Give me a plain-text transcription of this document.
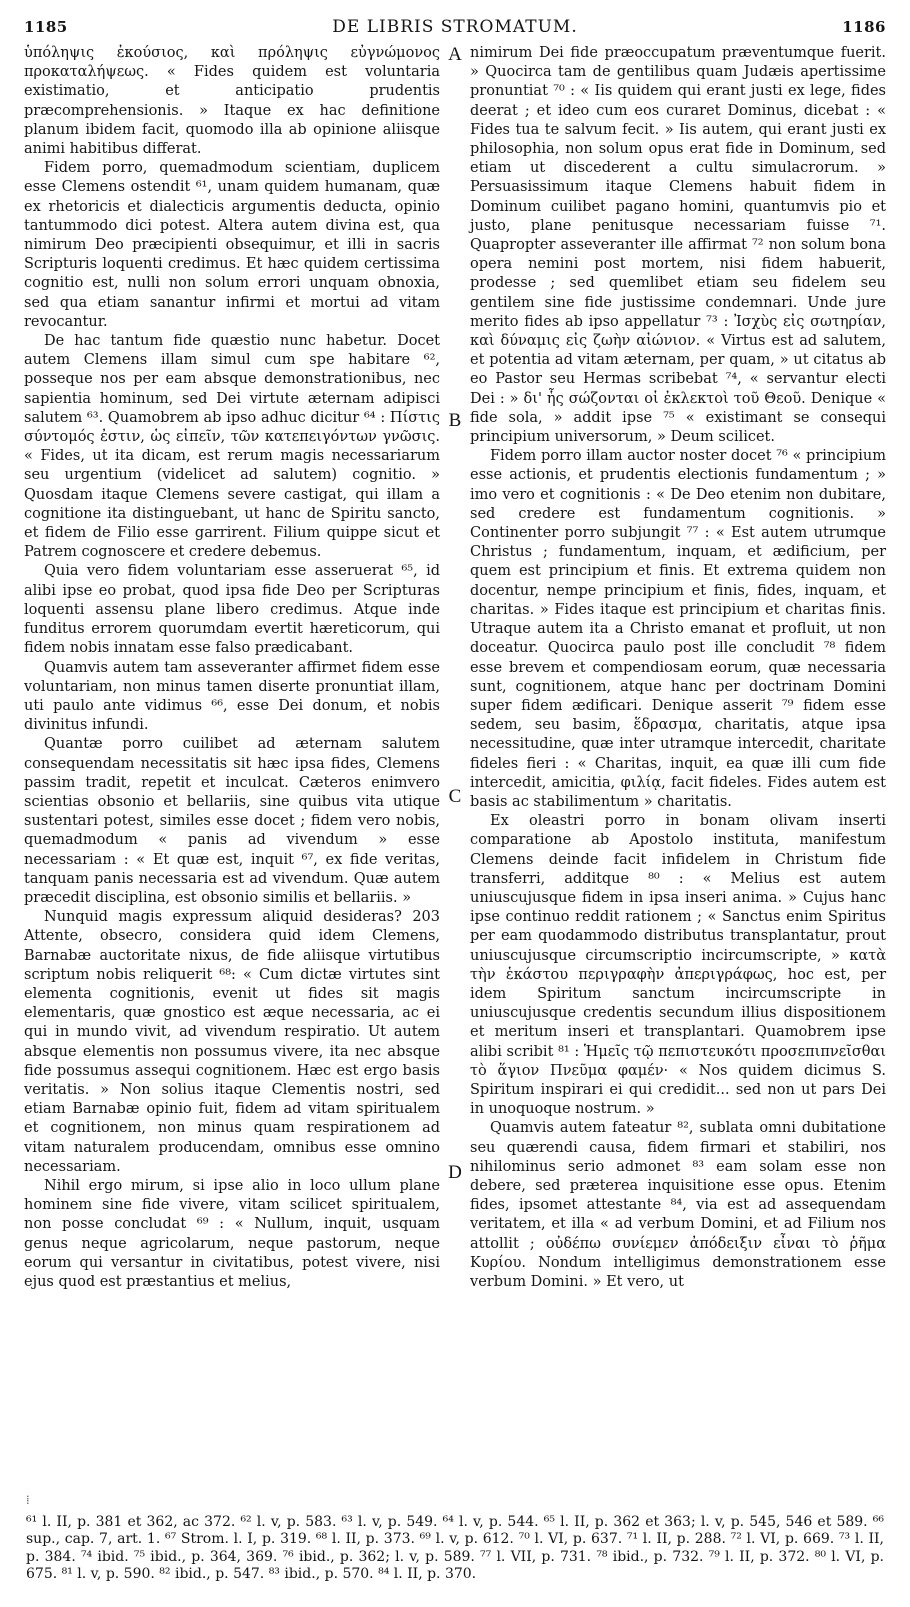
1185	DE LIBRIS STROMATUM.	1186

ὑπόληψις ἑκούσιος, καὶ πρόληψις εὐγνώμονος προκαταλήψεως. « Fides quidem est voluntaria existimatio, et anticipatio prudentis præcomprehensionis. » Itaque ex hac definitione planum ibidem facit, quomodo illa ab opinione aliisque animi habitibus differat.

Fidem porro, quemadmodum scientiam, duplicem esse Clemens ostendit ⁶¹, unam quidem humanam, quæ ex rhetoricis et dialecticis argumentis deducta, opinio tantummodo dici potest. Altera autem divina est, qua nimirum Deo præcipienti obsequimur, et illi in sacris Scripturis loquenti credimus. Et hæc quidem certissima cognitio est, nulli non solum errori unquam obnoxia, sed qua etiam sanantur infirmi et mortui ad vitam revocantur.

De hac tantum fide quæstio nunc habetur. Docet autem Clemens illam simul cum spe habitare ⁶², posseque nos per eam absque demonstrationibus, nec sapientia hominum, sed Dei virtute æternam adipisci salutem ⁶³. Quamobrem ab ipso adhuc dicitur ⁶⁴ : Πίστις σύντομός ἐστιν, ὡς εἰπεῖν, τῶν κατεπειγόντων γνῶσις. « Fides, ut ita dicam, est rerum magis necessariarum seu urgentium (videlicet ad salutem) cognitio. » Quosdam itaque Clemens severe castigat, qui illam a cognitione ita distinguebant, ut hanc de Spiritu sancto, et fidem de Filio esse garrirent. Filium quippe sicut et Patrem cognoscere et credere debemus.

Quia vero fidem voluntariam esse asseruerat ⁶⁵, id alibi ipse eo probat, quod ipsa fide Deo per Scripturas loquenti assensu plane libero credimus. Atque inde funditus errorem quorumdam evertit hæreticorum, qui fidem nobis innatam esse falso prædicabant.

Quamvis autem tam asseveranter affirmet fidem esse voluntariam, non minus tamen diserte pronuntiat illam, uti paulo ante vidimus ⁶⁶, esse Dei donum, et nobis divinitus infundi.

Quantæ porro cuilibet ad æternam salutem consequendam necessitatis sit hæc ipsa fides, Clemens passim tradit, repetit et inculcat. Cæteros enimvero scientias obsonio et bellariis, sine quibus vita utique sustentari potest, similes esse docet ; fidem vero nobis, quemadmodum « panis ad vivendum » esse necessariam : « Et quæ est, inquit ⁶⁷, ex fide veritas, tanquam panis necessaria est ad vivendum. Quæ autem præcedit disciplina, est obsonio similis et bellariis. »

Nunquid magis expressum aliquid desideras? 203 Attente, obsecro, considera quid idem Clemens, Barnabæ auctoritate nixus, de fide aliisque virtutibus scriptum nobis reliquerit ⁶⁸: « Cum dictæ virtutes sint elementa cognitionis, evenit ut fides sit magis elementaris, quæ gnostico est æque necessaria, ac ei qui in mundo vivit, ad vivendum respiratio. Ut autem absque elementis non possumus vivere, ita nec absque fide possumus assequi cognitionem. Hæc est ergo basis veritatis. » Non solius itaque Clementis nostri, sed etiam Barnabæ opinio fuit, fidem ad vitam spiritualem et cognitionem, non minus quam respirationem ad vitam naturalem producendam, omnibus esse omnino necessariam.

Nihil ergo mirum, si ipse alio in loco ullum plane hominem sine fide vivere, vitam scilicet spiritualem, non posse concludat ⁶⁹ : « Nullum, inquit, usquam genus neque agricolarum, neque pastorum, neque eorum qui versantur in civitatibus, potest vivere, nisi ejus quod est præstantius et melius,

nimirum Dei fide præoccupatum præventumque fuerit. » Quocirca tam de gentilibus quam Judæis apertissime pronuntiat ⁷⁰ : « Iis quidem qui erant justi ex lege, fides deerat ; et ideo cum eos curaret Dominus, dicebat : « Fides tua te salvum fecit. » Iis autem, qui erant justi ex philosophia, non solum opus erat fide in Dominum, sed etiam ut discederent a cultu simulacrorum. » Persuasissimum itaque Clemens habuit fidem in Dominum cuilibet pagano homini, quantumvis pio et justo, plane penitusque necessariam fuisse ⁷¹. Quapropter asseveranter ille affirmat ⁷² non solum bona opera nemini post mortem, nisi fidem habuerit, prodesse ; sed quemlibet etiam seu fidelem seu gentilem sine fide justissime condemnari. Unde jure merito fides ab ipso appellatur ⁷³ : Ἰσχὺς εἰς σωτηρίαν, καὶ δύναμις εἰς ζωὴν αἰώνιον. « Virtus est ad salutem, et potentia ad vitam æternam, per quam, » ut citatus ab eo Pastor seu Hermas scribebat ⁷⁴, « servantur electi Dei : » δι' ἧς σώζονται οἱ ἐκλεκτοὶ τοῦ Θεοῦ. Denique « fide sola, » addit ipse ⁷⁵ « existimant se consequi principium universorum, » Deum scilicet.

Fidem porro illam auctor noster docet ⁷⁶ « principium esse actionis, et prudentis electionis fundamentum ; » imo vero et cognitionis : « De Deo etenim non dubitare, sed credere est fundamentum cognitionis. » Continenter porro subjungit ⁷⁷ : « Est autem utrumque Christus ; fundamentum, inquam, et ædificium, per quem est principium et finis. Et extrema quidem non docentur, nempe principium et finis, fides, inquam, et charitas. » Fides itaque est principium et charitas finis. Utraque autem ita a Christo emanat et profluit, ut non doceatur. Quocirca paulo post ille concludit ⁷⁸ fidem esse brevem et compendiosam eorum, quæ necessaria sunt, cognitionem, atque hanc per doctrinam Domini super fidem ædificari. Denique asserit ⁷⁹ fidem esse sedem, seu basim, ἕδρασμα, charitatis, atque ipsa necessitudine, quæ inter utramque intercedit, charitate fideles fieri : « Charitas, inquit, ea quæ illi cum fide intercedit, amicitia, φιλίᾳ, facit fideles. Fides autem est basis ac stabilimentum » charitatis.

Ex oleastri porro in bonam olivam inserti comparatione ab Apostolo instituta, manifestum Clemens deinde facit infidelem in Christum fide transferri, additque ⁸⁰ : « Melius est autem uniuscujusque fidem in ipsa inseri anima. » Cujus hanc ipse continuo reddit rationem ; « Sanctus enim Spiritus per eam quodammodo distributus transplantatur, prout uniuscujusque circumscriptio incircumscripte, » κατὰ τὴν ἑκάστου περιγραφὴν ἀπεριγράφως, hoc est, per idem Spiritum sanctum incircumscripte in uniuscujusque credentis secundum illius dispositionem et meritum inseri et transplantari. Quamobrem ipse alibi scribit ⁸¹ : Ἡμεῖς τῷ πεπιστευκότι προσεπιπνεῖσθαι τὸ ἅγιον Πνεῦμα φαμέν· « Nos quidem dicimus S. Spiritum inspirari ei qui credidit... sed non ut pars Dei in unoquoque nostrum. »

Quamvis autem fateatur ⁸², sublata omni dubitatione seu quærendi causa, fidem firmari et stabiliri, nos nihilominus serio admonet ⁸³ eam solam esse non debere, sed præterea inquisitione esse opus. Etenim fides, ipsomet attestante ⁸⁴, via est ad assequendam veritatem, et illa « ad verbum Domini, et ad Filium nos attollit ; οὐδέπω συνίεμεν ἀπόδειξιν εἶναι τὸ ῥῆμα Κυρίου. Nondum intelligimus demonstrationem esse verbum Domini. » Et vero, ut

A
B
C
D
⁞
⁶¹ l. II, p. 381 et 362, ac 372. ⁶² l. v, p. 583. ⁶³ l. v, p. 549. ⁶⁴ l. v, p. 544. ⁶⁵ l. II, p. 362 et 363; l. v, p. 545, 546 et 589. ⁶⁶ sup., cap. 7, art. 1. ⁶⁷ Strom. l. I, p. 319. ⁶⁸ l. II, p. 373. ⁶⁹ l. v, p. 612. ⁷⁰ l. VI, p. 637. ⁷¹ l. II, p. 288. ⁷² l. VI, p. 669. ⁷³ l. II, p. 384. ⁷⁴ ibid. ⁷⁵ ibid., p. 364, 369. ⁷⁶ ibid., p. 362; l. v, p. 589. ⁷⁷ l. VII, p. 731. ⁷⁸ ibid., p. 732. ⁷⁹ l. II, p. 372. ⁸⁰ l. VI, p. 675. ⁸¹ l. v, p. 590. ⁸² ibid., p. 547. ⁸³ ibid., p. 570. ⁸⁴ l. II, p. 370.
